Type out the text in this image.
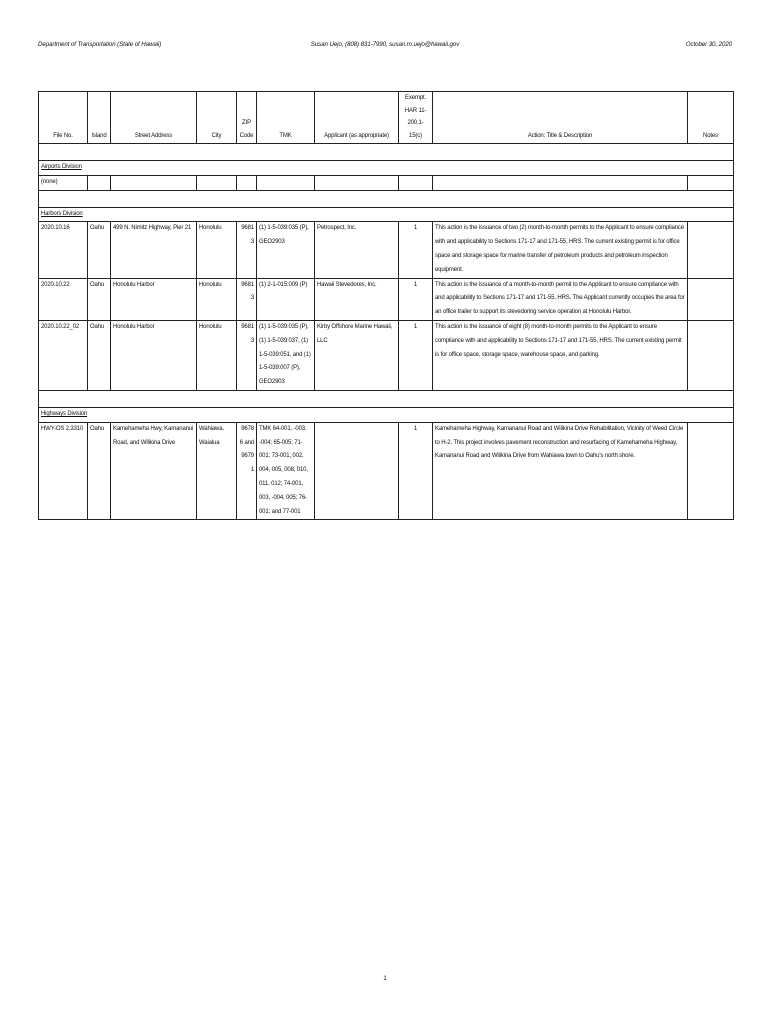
Department of Transportation (State of Hawaii)	Susan Uejo, (808) 831-7990, susan.m.uejo@hawaii.gov	October 30, 2020
File No.	Island	Street Address	City	ZIP Code	TMK	Applicant (as appropriate)	Exempt. HAR 11-200.1-15(c)	Action: Title & Description	Notes

Airports Division									
(none)									

Harbors Division									
2020.10.16	Oahu	499 N. Nimitz Highway, Pier 21	Honolulu	96813	(1) 1-5-039:035 (P), GEO2903	Petrospect, Inc.	1	This action is the issuance of two (2) month-to-month permits to the Applicant to ensure compliance with and applicability to Sections 171-17 and 171-55, HRS. The current existing permit is for office space and storage space for marine transfer of petroleum products and petroleum inspection equipment.	
2020.10.22	Oahu	Honolulu Harbor	Honolulu	96813	(1) 2-1-015:009 (P)	Hawaii Stevedores, Inc.	1	This action is the issuance of a month-to-month permit to the Applicant to ensure compliance with and applicability to Sections 171-17 and 171-55, HRS. The Applicant currently occupies the area for an office trailer to support its stevedoring service operation at Honolulu Harbor.	
2020.10.22_02	Oahu	Honolulu Harbor	Honolulu	96813	(1) 1-5-039:035 (P), (1) 1-5-039:037, (1) 1-5-039:051, and (1) 1-5-039:007 (P), GEO2903	Kirby Offshore Marine Hawaii, LLC	1	This action is the issuance of eight (8) month-to-month permits to the Applicant to ensure compliance with and applicability to Sections 171-17 and 171-55, HRS. The current existing permit is for office space, storage space, warehouse space, and parking.	

Highways Division									
HWY-OS 2.3310	Oahu	Kamehameha Hwy, Kamananui Road, and Wilikina Drive	Wahiawa, Waialua	96786 and 96791	TMK 64-001, -003, -004; 65-005; 71-001; 73-001, 002, 004, 005, 008, 010, 011, 012; 74-001, 003, -004, 005; 76-001; and 77-001		1	Kamehameha Highway, Kamananui Road and Wilikina Drive Rehabilitation, Vicinity of Weed Circle to H-2. This project involves pavement reconstruction and resurfacing of Kamehameha Highway, Kamananui Road and Wilikina Drive from Wahiawa town to Oahu's north shore.	
1
